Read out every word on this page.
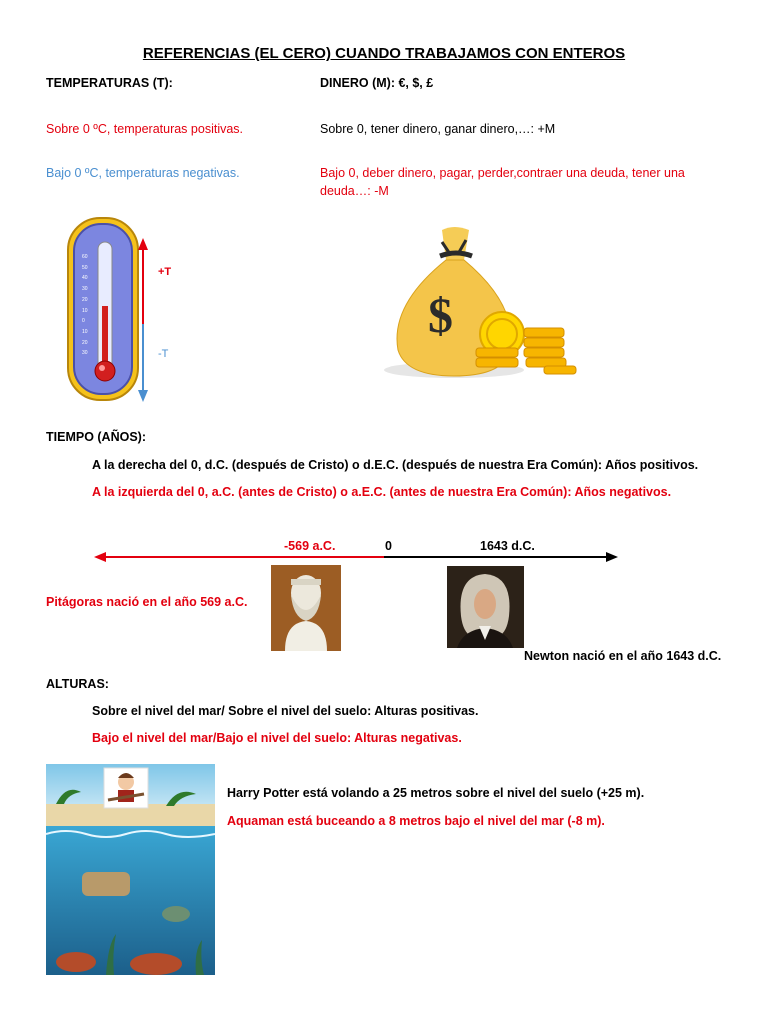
REFERENCIAS (EL CERO) CUANDO TRABAJAMOS CON ENTEROS
TEMPERATURAS (T):	DINERO (M): €, $, £
Sobre 0 ºC, temperaturas positivas.	Sobre 0, tener dinero, ganar dinero,…: +M
Bajo 0 ºC, temperaturas negativas.	Bajo 0, deber dinero, pagar, perder,contraer una deuda, tener una
deuda…: -M
60
50
40
30
20
10
0
10
20
30
+T
-T
$
TIEMPO (AÑOS):
A la derecha del 0, d.C. (después de Cristo) o d.E.C. (después de nuestra Era Común): Años positivos.
A la izquierda del 0, a.C. (antes de Cristo) o a.E.C. (antes de nuestra Era Común): Años negativos.
-569 a.C.	0	1643 d.C.
Pitágoras nació en el año 569 a.C.
Newton nació en el año 1643 d.C.
ALTURAS:
Sobre el nivel del mar/ Sobre el nivel del suelo: Alturas positivas.
Bajo el nivel del mar/Bajo el nivel del suelo: Alturas negativas.
Harry Potter está volando a 25 metros sobre el nivel del suelo (+25 m).
Aquaman está buceando a 8 metros bajo el nivel del mar (-8 m).
